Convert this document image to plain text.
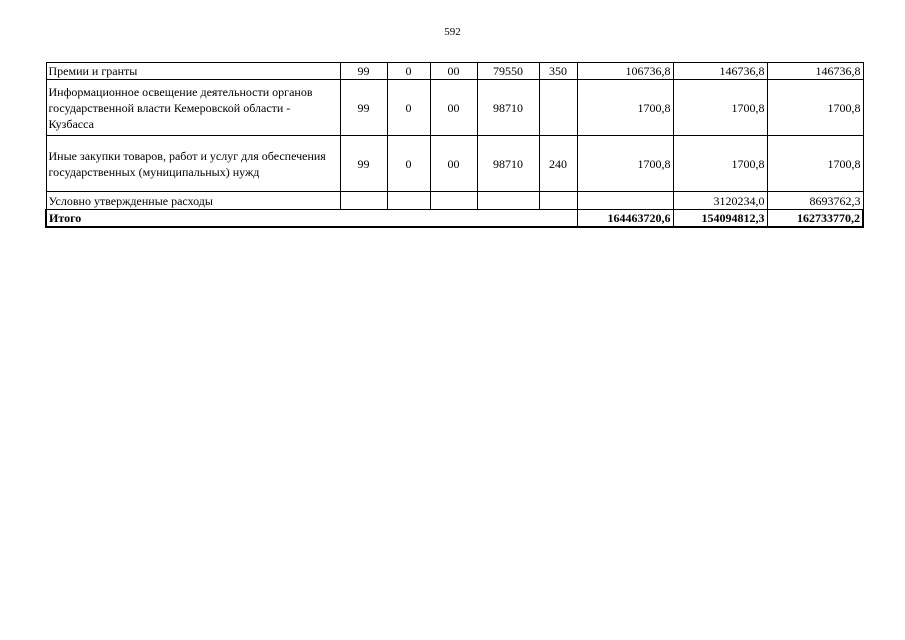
592
Премии и гранты	99	0	00	79550	350	106736,8	146736,8	146736,8
Информационное освещение деятельности органов государственной власти Кемеровской области - Кузбасса	99	0	00	98710		1700,8	1700,8	1700,8
Иные закупки товаров, работ и услуг для обеспечения государственных (муниципальных) нужд	99	0	00	98710	240	1700,8	1700,8	1700,8
Условно утвержденные расходы							3120234,0	8693762,3
Итого						164463720,6	154094812,3	162733770,2
